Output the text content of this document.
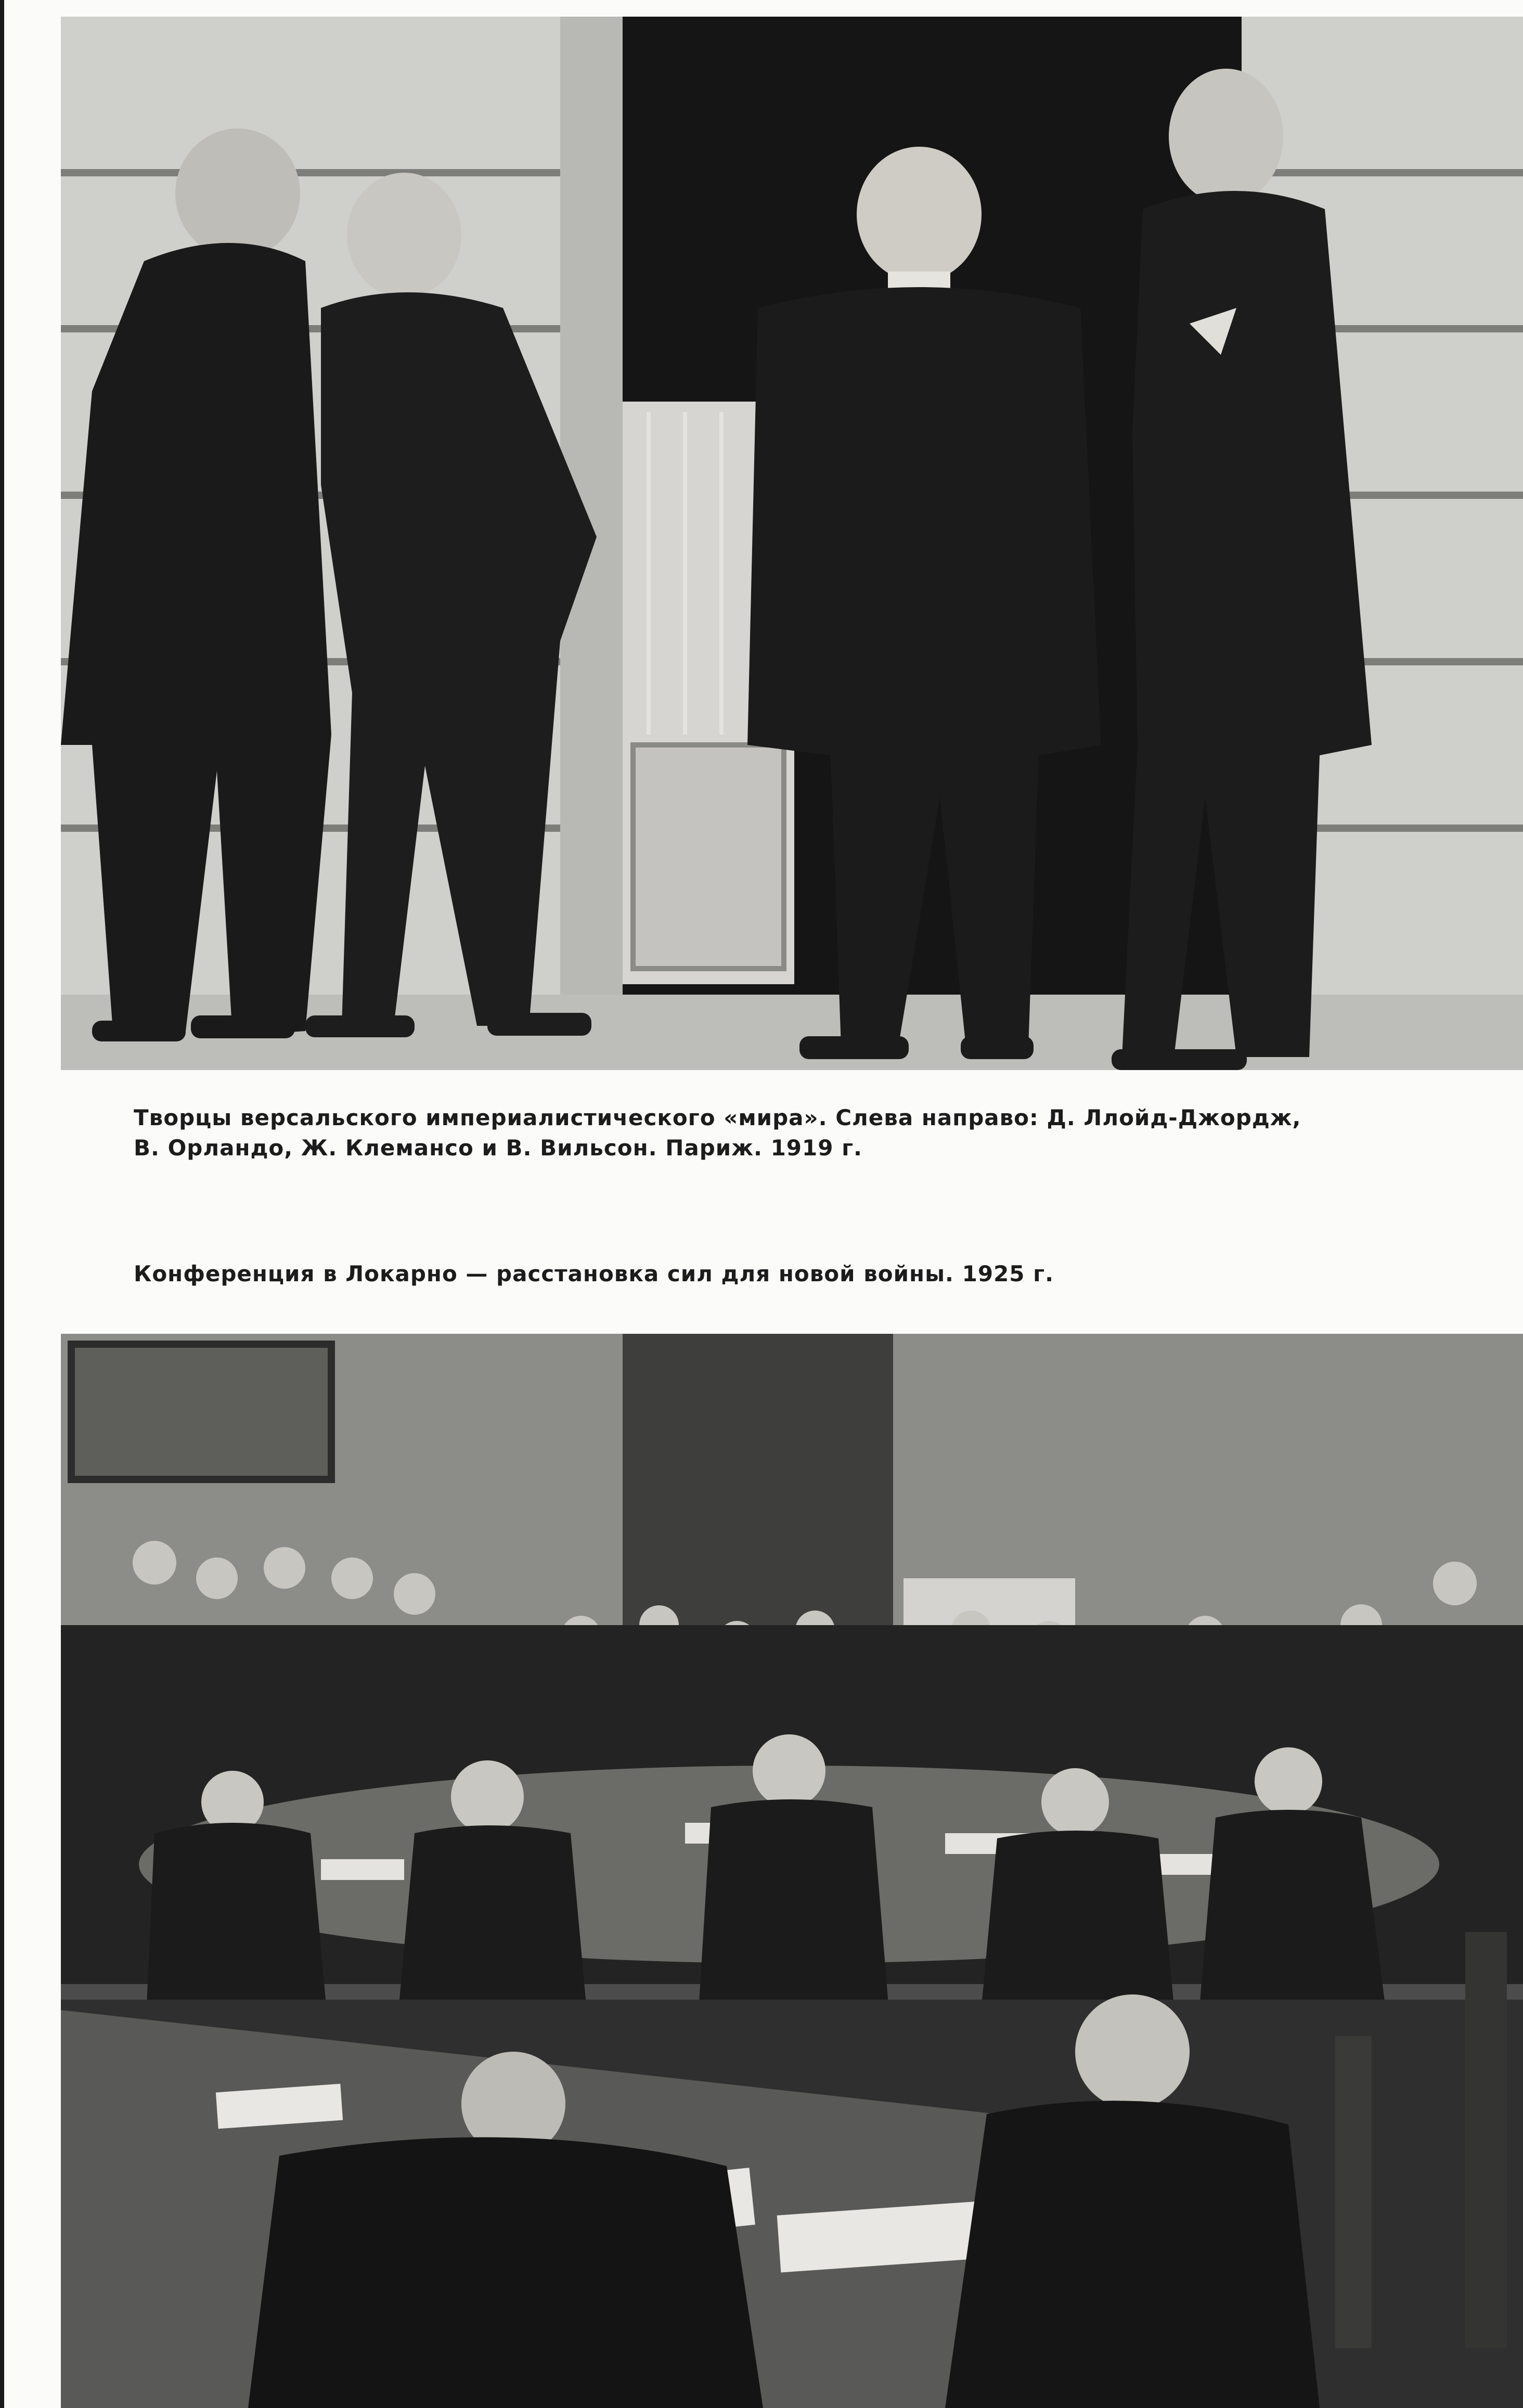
Творцы версальского империалистического «мира». Слева направо: Д. Ллойд-Джордж,
В. Орландо, Ж. Клемансо и В. Вильсон. Париж. 1919 г.
Конференция в Локарно — расстановка сил для новой войны. 1925 г.
